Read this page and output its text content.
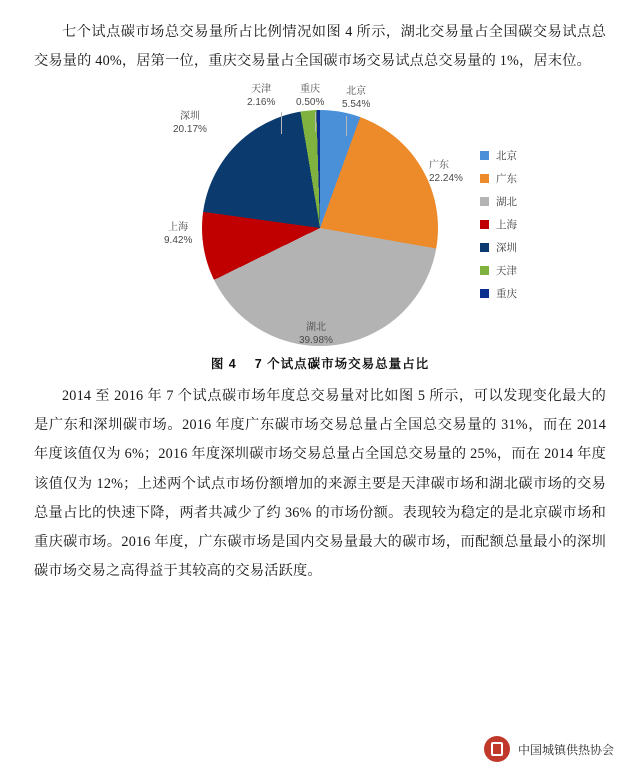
七个试点碳市场总交易量所占比例情况如图 4 所示，湖北交易量占全国碳交易试点总交易量的 40%，居第一位，重庆交易量占全国碳市场交易试点总交易量的 1%，居末位。

天津
2.16%
重庆
0.50%
北京
5.54%
广东
22.24%
深圳
20.17%
上海
9.42%
湖北
39.98%
北京
广东
湖北
上海
深圳
天津
重庆
图 4 7 个试点碳市场交易总量占比

2014 至 2016 年 7 个试点碳市场年度总交易量对比如图 5 所示，可以发现变化最大的是广东和深圳碳市场。2016 年度广东碳市场交易总量占全国总交易量的 31%，而在 2014 年度该值仅为 6%；2016 年度深圳碳市场交易总量占全国总交易量的 25%，而在 2014 年度该值仅为 12%；上述两个试点市场份额增加的来源主要是天津碳市场和湖北碳市场的交易总量占比的快速下降，两者共减少了约 36% 的市场份额。表现较为稳定的是北京碳市场和重庆碳市场。2016 年度，广东碳市场是国内交易量最大的碳市场，而配额总量最小的深圳碳市场交易之高得益于其较高的交易活跃度。

中国城镇供热协会
